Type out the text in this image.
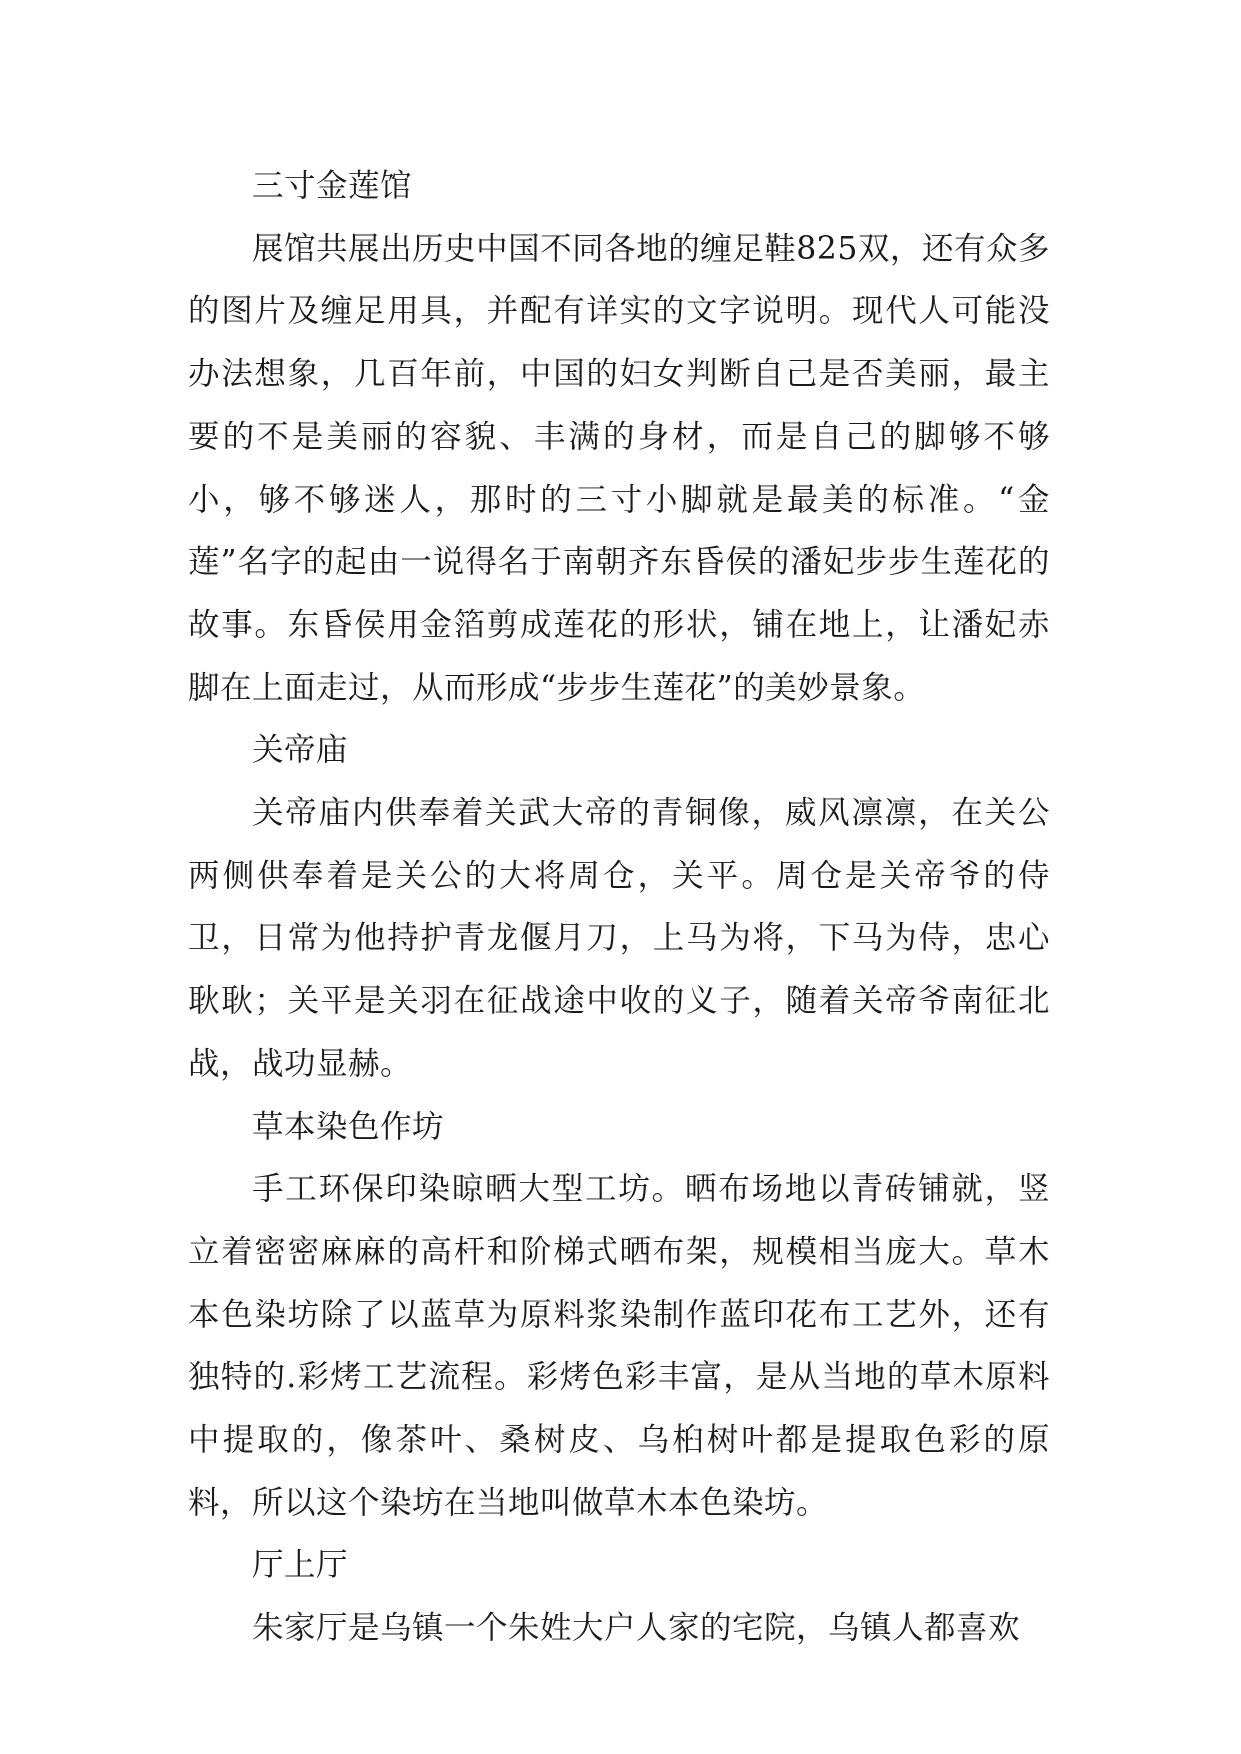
三寸金莲馆
展馆共展出历史中国不同各地的缠足鞋825双，还有众多的图片及缠足用具，并配有详实的文字说明。现代人可能没办法想象，几百年前，中国的妇女判断自己是否美丽，最主要的不是美丽的容貌、丰满的身材，而是自己的脚够不够小，够不够迷人，那时的三寸小脚就是最美的标准。“金莲”名字的起由一说得名于南朝齐东昏侯的潘妃步步生莲花的故事。东昏侯用金箔剪成莲花的形状，铺在地上，让潘妃赤脚在上面走过，从而形成“步步生莲花”的美妙景象。
关帝庙
关帝庙内供奉着关武大帝的青铜像，威风凛凛，在关公两侧供奉着是关公的大将周仓，关平。周仓是关帝爷的侍卫，日常为他持护青龙偃月刀，上马为将，下马为侍，忠心耿耿；关平是关羽在征战途中收的义子，随着关帝爷南征北战，战功显赫。
草本染色作坊
手工环保印染晾晒大型工坊。晒布场地以青砖铺就，竖立着密密麻麻的高杆和阶梯式晒布架，规模相当庞大。草木本色染坊除了以蓝草为原料浆染制作蓝印花布工艺外，还有独特的.彩烤工艺流程。彩烤色彩丰富，是从当地的草木原料中提取的，像茶叶、桑树皮、乌桕树叶都是提取色彩的原料，所以这个染坊在当地叫做草木本色染坊。
厅上厅
朱家厅是乌镇一个朱姓大户人家的宅院，乌镇人都喜欢
